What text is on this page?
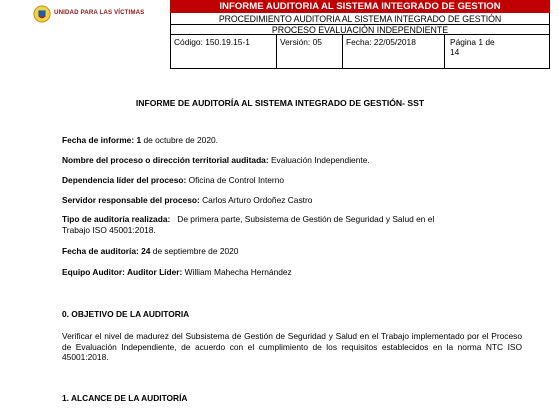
UNIDAD PARA LAS VÍCTIMAS
INFORME AUDITORIA AL SISTEMA INTEGRADO DE GESTION
PROCEDIMIENTO AUDITORIA AL SISTEMA INTEGRADO DE GESTIÓN
PROCESO EVALUACIÓN INDEPENDIENTE
Código: 150.19.15-1	Versión: 05	Fecha: 22/05/2018	Página 1 de
14
INFORME DE AUDITORÍA AL SISTEMA INTEGRADO DE GESTIÓN- SST
Fecha de informe: 1 de octubre de 2020.
Nombre del proceso o dirección territorial auditada: Evaluación Independiente.
Dependencia líder del proceso: Oficina de Control Interno
Servidor responsable del proceso: Carlos Arturo Ordoñez Castro
Tipo de auditoría realizada: De primera parte, Subsistema de Gestión de Seguridad y Salud en el
Trabajo ISO 45001:2018.
Fecha de auditoría: 24 de septiembre de 2020
Equipo Auditor: Auditor Líder: William Mahecha Hernández
0. OBJETIVO DE LA AUDITORIA
Verificar el nivel de madurez del Subsistema de Gestión de Seguridad y Salud en el Trabajo implementado por el Proceso de Evaluación Independiente, de acuerdo con el cumplimiento de los requisitos establecidos en la norma NTC ISO 45001:2018.
1. ALCANCE DE LA AUDITORÍA
